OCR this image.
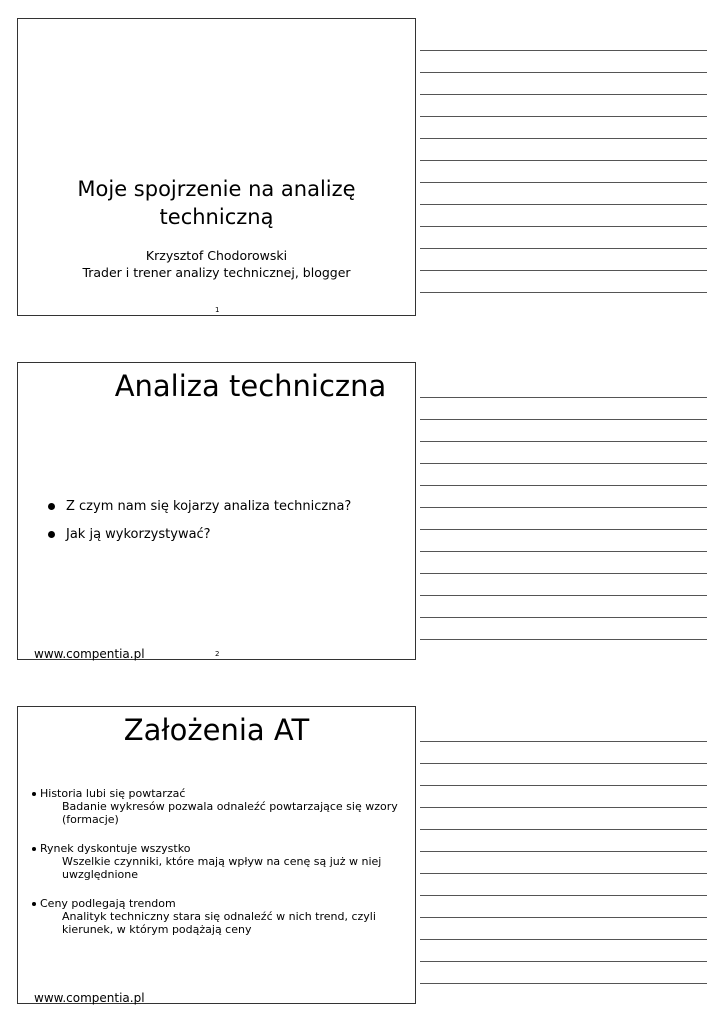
Moje spojrzenie na analizę
techniczną
Krzysztof Chodorowski
Trader i trener analizy technicznej, blogger
1
Analiza techniczna
Z czym nam się kojarzy analiza techniczna?
Jak ją wykorzystywać?
www.compentia.pl	2
Założenia AT
Historia lubi się powtarzać
Badanie wykresów pozwala odnaleźć powtarzające się wzory
(formacje)
Rynek dyskontuje wszystko
Wszelkie czynniki, które mają wpływ na cenę są już w niej
uwzględnione
Ceny podlegają trendom
Analityk techniczny stara się odnaleźć w nich trend, czyli
kierunek, w którym podążają ceny
www.compentia.pl
